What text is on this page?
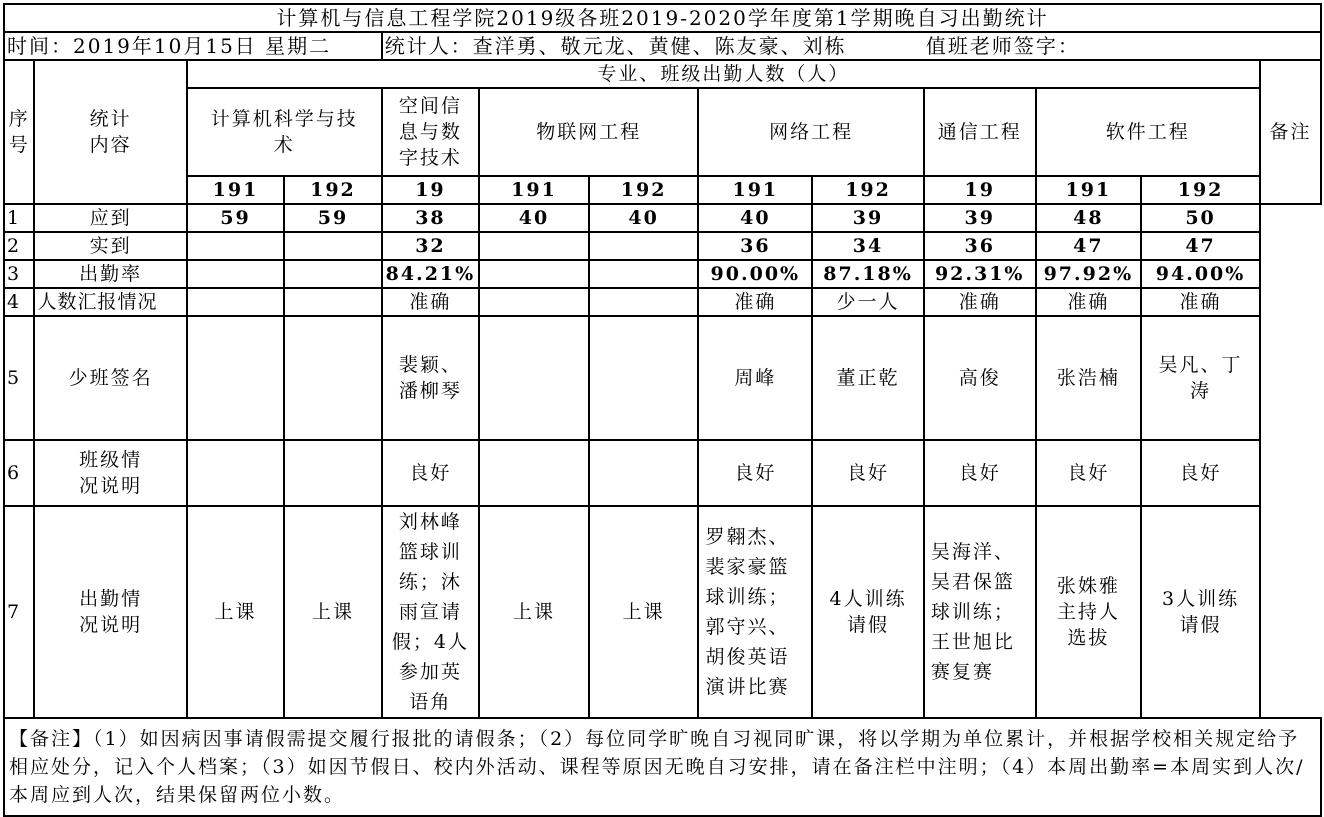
计算机与信息工程学院2019级各班2019-2020学年度第1学期晚自习出勤统计												
时间：2019年10月15日 星期二				统计人：查洋勇、敬元龙、黄健、陈友豪、刘栋					值班老师签字：			
序号	统计内容	专业、班级出勤人数（人）										备注
		计算机科学与技术		空间信息与数字技术	物联网工程		网络工程		通信工程	软件工程		
		191	192	19	191	192	191	192	19	191	192	
1	应到	59	59	38	40	40	40	39	39	48	50	
2	实到			32			36	34	36	47	47	
3	出勤率			84.21%			90.00%	87.18%	92.31%	97.92%	94.00%	
4	人数汇报情况			准确			准确	少一人	准确	准确	准确	
5	少班签名			裴颖、潘柳琴			周峰	董正乾	高俊	张浩楠	吴凡、丁涛	
6	班级情况说明			良好			良好	良好	良好	良好	良好	
7	出勤情况说明	上课	上课	刘林峰篮球训练；沐雨宣请假；4人参加英语角	上课	上课	罗翱杰、裴家豪篮球训练；郭守兴、胡俊英语演讲比赛	4人训练请假	吴海洋、吴君保篮球训练；王世旭比赛复赛	张姝雅主持人选拔	3人训练请假	
【备注】（1）如因病因事请假需提交履行报批的请假条；（2）每位同学旷晚自习视同旷课，将以学期为单位累计，并根据学校相关规定给予相应处分，记入个人档案；（3）如因节假日、校内外活动、课程等原因无晚自习安排，请在备注栏中注明；（4）本周出勤率=本周实到人次/本周应到人次，结果保留两位小数。												
